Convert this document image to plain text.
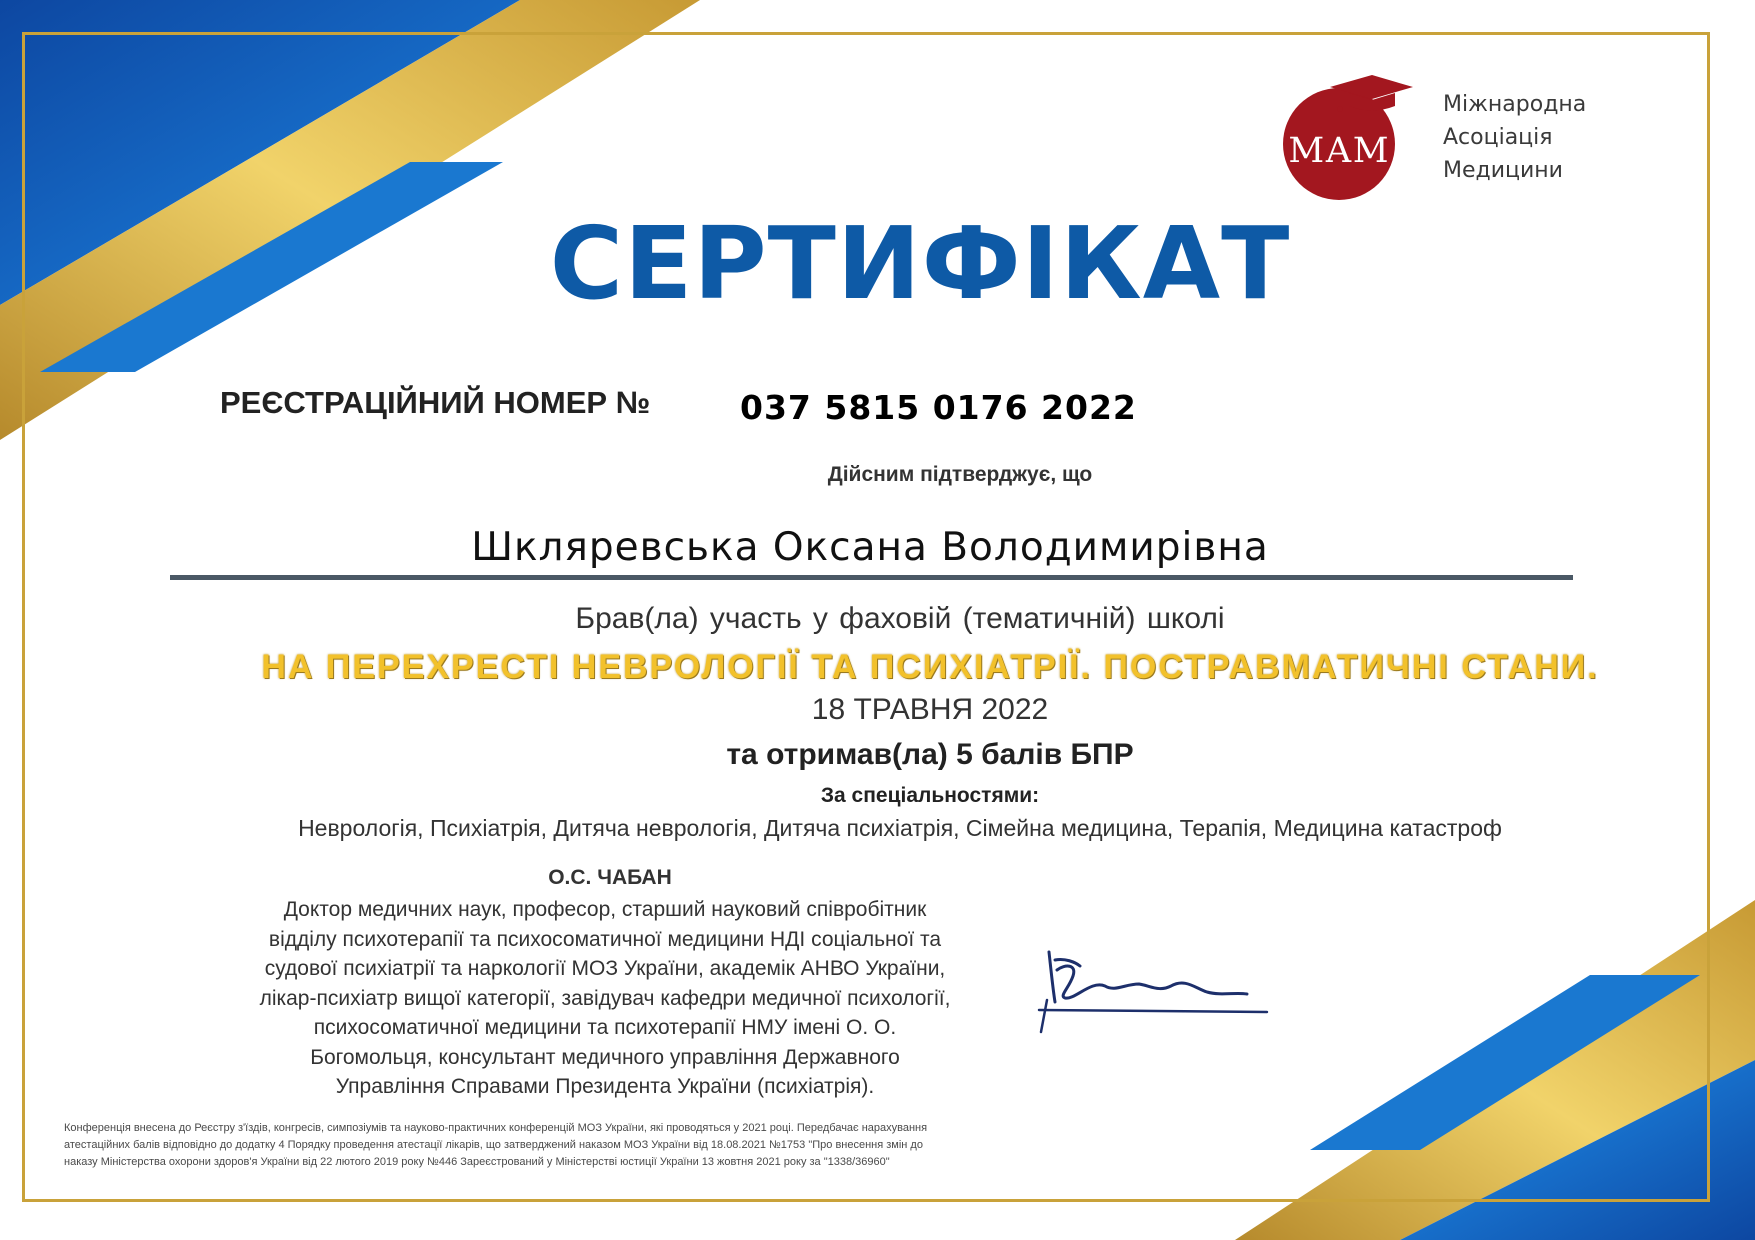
МАМ
Міжнародна
Асоціація
Медицини
СЕРТИФІКАТ
РЕЄСТРАЦІЙНИЙ НОМЕР №	037 5815 0176 2022
Дійсним підтверджує, що
Шкляревська Оксана Володимирівна
Брав(ла) участь у фаховій (тематичній) школі
НА ПЕРЕХРЕСТІ НЕВРОЛОГІЇ ТА ПСИХІАТРІЇ. ПОСТРАВМАТИЧНІ СТАНИ.
18 ТРАВНЯ 2022
та отримав(ла) 5 балів БПР
За спеціальностями:
Неврологія, Психіатрія, Дитяча неврологія, Дитяча психіатрія, Сімейна медицина, Терапія, Медицина катастроф
О.С. ЧАБАН
Доктор медичних наук, професор, старший науковий співробітник
відділу психотерапії та психосоматичної медицини НДІ соціальної та
судової психіатрії та наркології МОЗ України, академік АНВО України,
лікар-психіатр вищої категорії, завідувач кафедри медичної психології,
психосоматичної медицини та психотерапії НМУ імені О. О.
Богомольця, консультант медичного управління Державного
Управління Справами Президента України (психіатрія).
Конференція внесена до Реєстру з'їздів, конгресів, симпозіумів та науково-практичних конференцій МОЗ України, які проводяться у 2021 році. Передбачає нарахування
атестаційних балів відповідно до додатку 4 Порядку проведення атестації лікарів, що затверджений наказом МОЗ України від 18.08.2021 №1753 "Про внесення змін до
наказу Міністерства охорони здоров'я України від 22 лютого 2019 року №446 Зареєстрований у Міністерстві юстиції України 13 жовтня 2021 року за "1338/36960"
